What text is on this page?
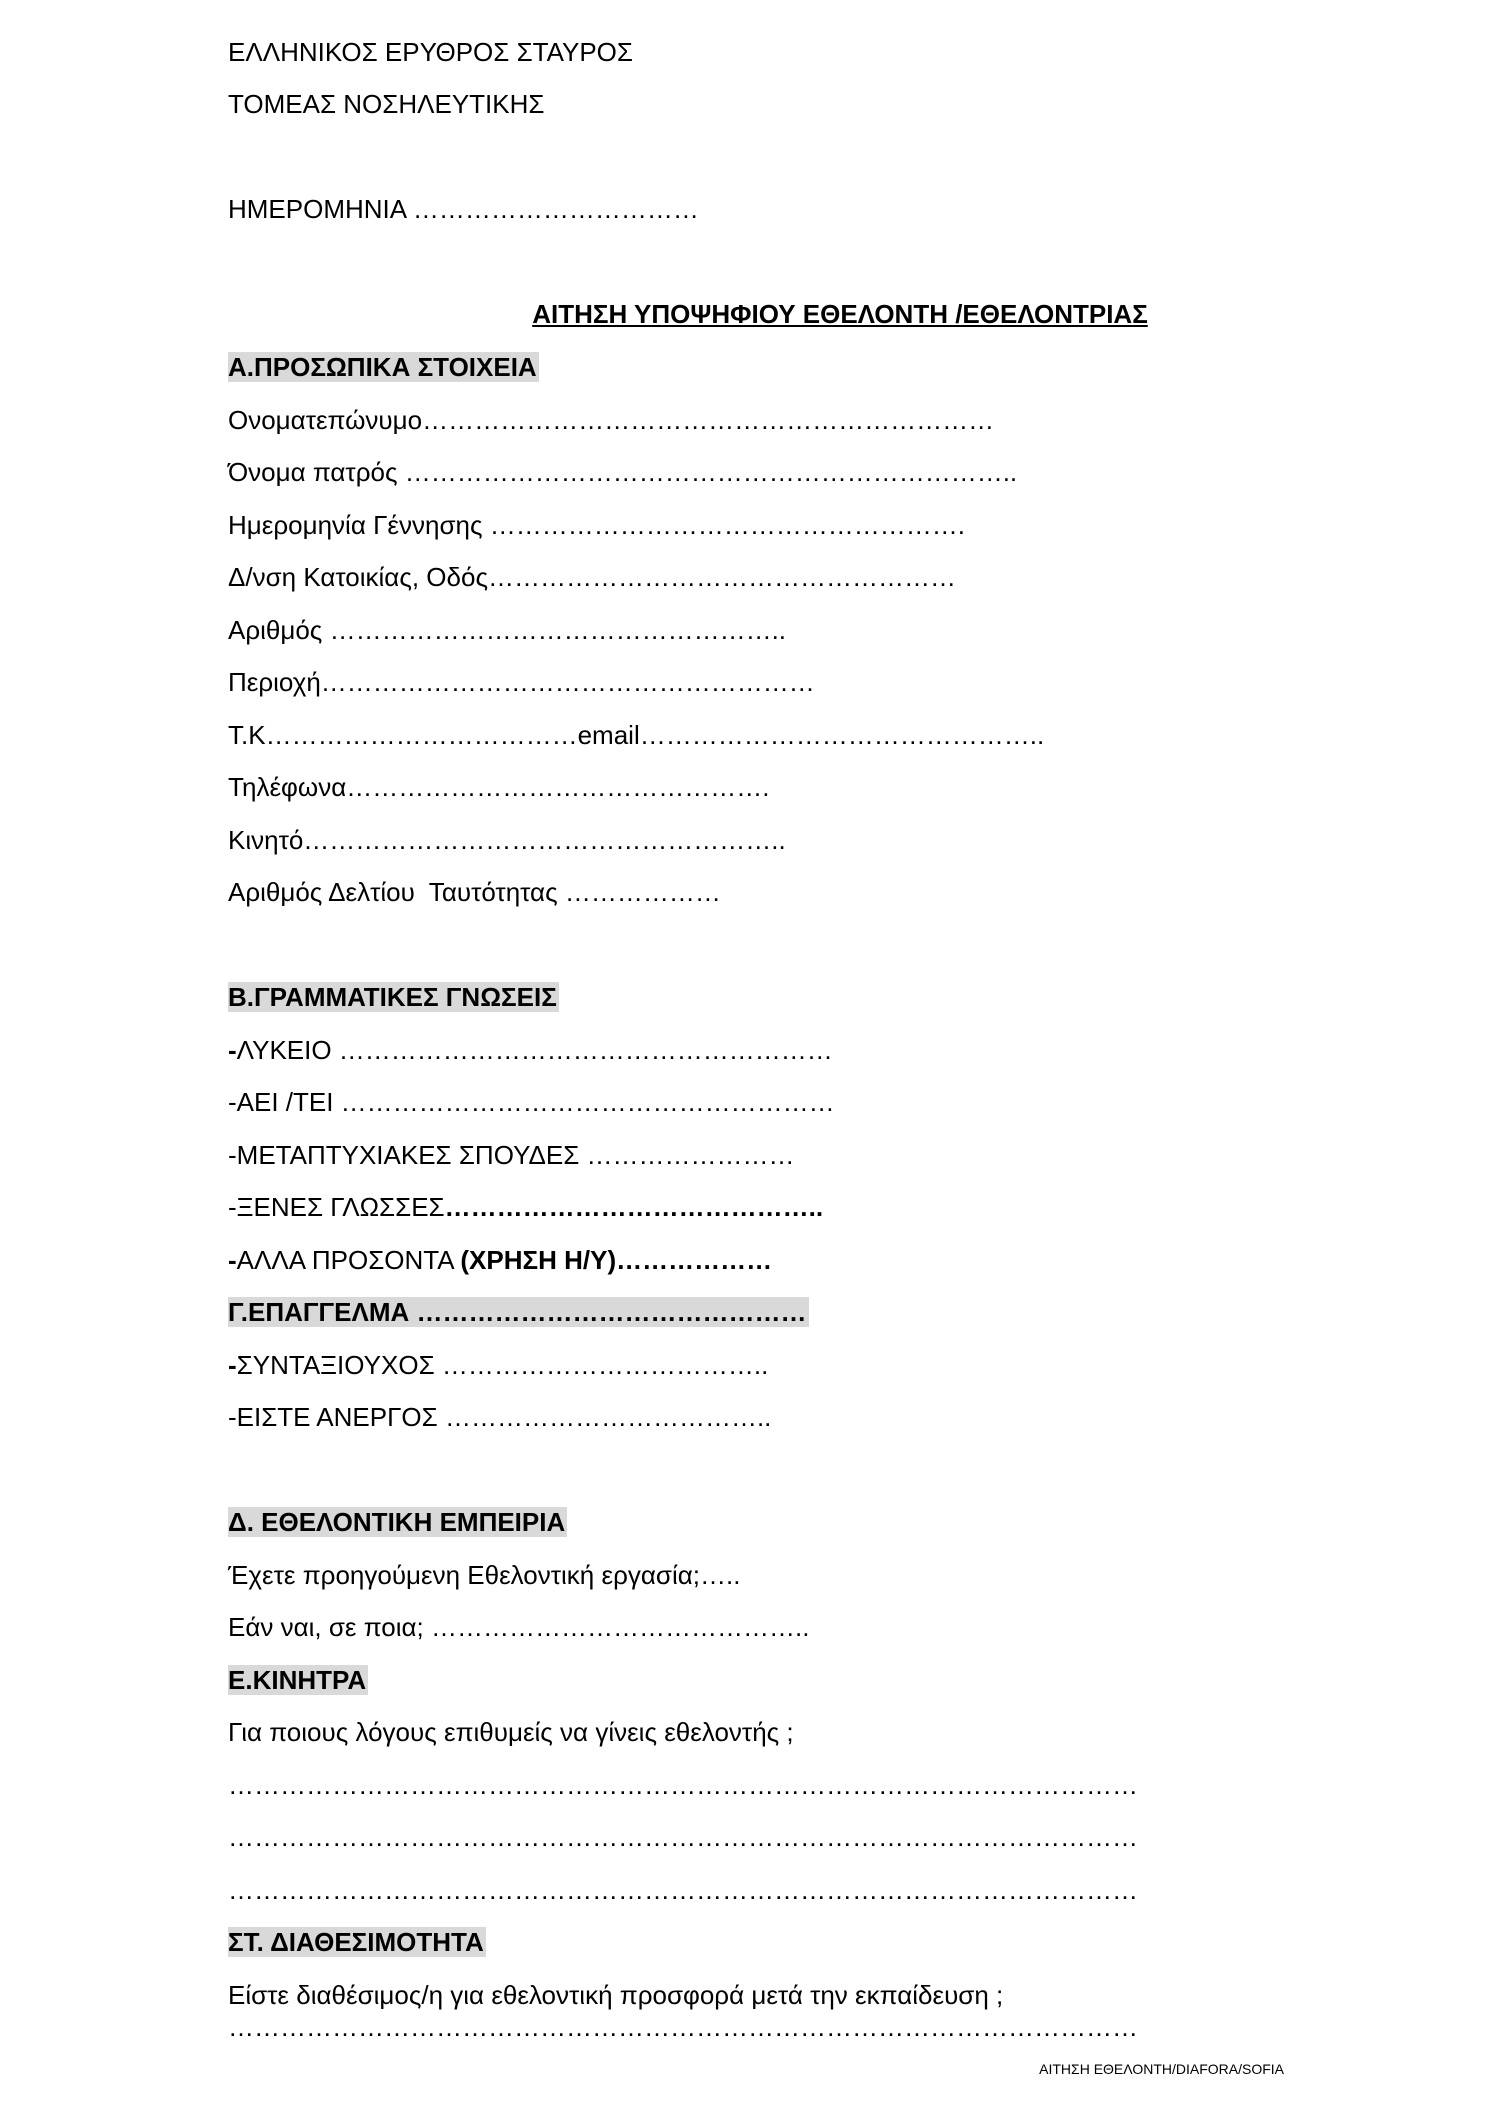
ΕΛΛΗΝΙΚΟΣ ΕΡΥΘΡΟΣ ΣΤΑΥΡΟΣ
ΤΟΜΕΑΣ ΝΟΣΗΛΕΥΤΙΚΗΣ
ΗΜΕΡΟΜΗΝΙΑ ……………………………
ΑΙΤΗΣΗ ΥΠΟΨΗΦΙΟΥ ΕΘΕΛΟΝΤΗ /ΕΘΕΛΟΝΤΡΙΑΣ
Α.ΠΡΟΣΩΠΙΚΑ ΣΤΟΙΧΕΙΑ
Ονοματεπώνυμο…………………………………………………………
Όνομα πατρός ……………………………………………………………..
Ημερομηνία Γέννησης ……………………………………………….
Δ/νση Κατοικίας, Οδός………………………………………………
Αριθμός ……………………………………………..
Περιοχή…………………………………………………
Τ.Κ………………………………email………………………………………..
Τηλέφωνα………………………………………….
Κινητό………………………………………………..
Αριθμός Δελτίου  Ταυτότητας ………………
Β.ΓΡΑΜΜΑΤΙΚΕΣ ΓΝΩΣΕΙΣ
-ΛΥΚΕΙΟ …………………………………………………
-ΑΕΙ /ΤΕΙ …………………………………………………
-ΜΕΤΑΠΤΥΧΙΑΚΕΣ ΣΠΟΥΔΕΣ ……………………
-ΞΕΝΕΣ ΓΛΩΣΣΕΣ……………………………………..
-ΑΛΛΑ ΠΡΟΣΟΝΤΑ (ΧΡΗΣΗ Η/Υ)………………
Γ.ΕΠΑΓΓΕΛΜΑ ………………………………………
-ΣΥΝΤΑΞΙΟΥΧΟΣ ………………………………..
-ΕΙΣΤΕ ΑΝΕΡΓΟΣ ………………………………..
Δ. ΕΘΕΛΟΝΤΙΚΗ ΕΜΠΕΙΡΙΑ
Έχετε προηγούμενη Εθελοντική εργασία;…..
Εάν ναι, σε ποια; ……………………………………..
Ε.ΚΙΝΗΤΡΑ
Για ποιους λόγους επιθυμείς να γίνεις εθελοντής ;
……………………………………………………………………………………………
……………………………………………………………………………………………
……………………………………………………………………………………………
ΣΤ. ΔΙΑΘΕΣΙΜΟΤΗΤΑ
Είστε διαθέσιμος/η για εθελοντική προσφορά μετά την εκπαίδευση ;
……………………………………………………………………………………………
ΑΙΤΗΣΗ ΕΘΕΛΟΝΤΗ/DIAFORA/SOFIA
